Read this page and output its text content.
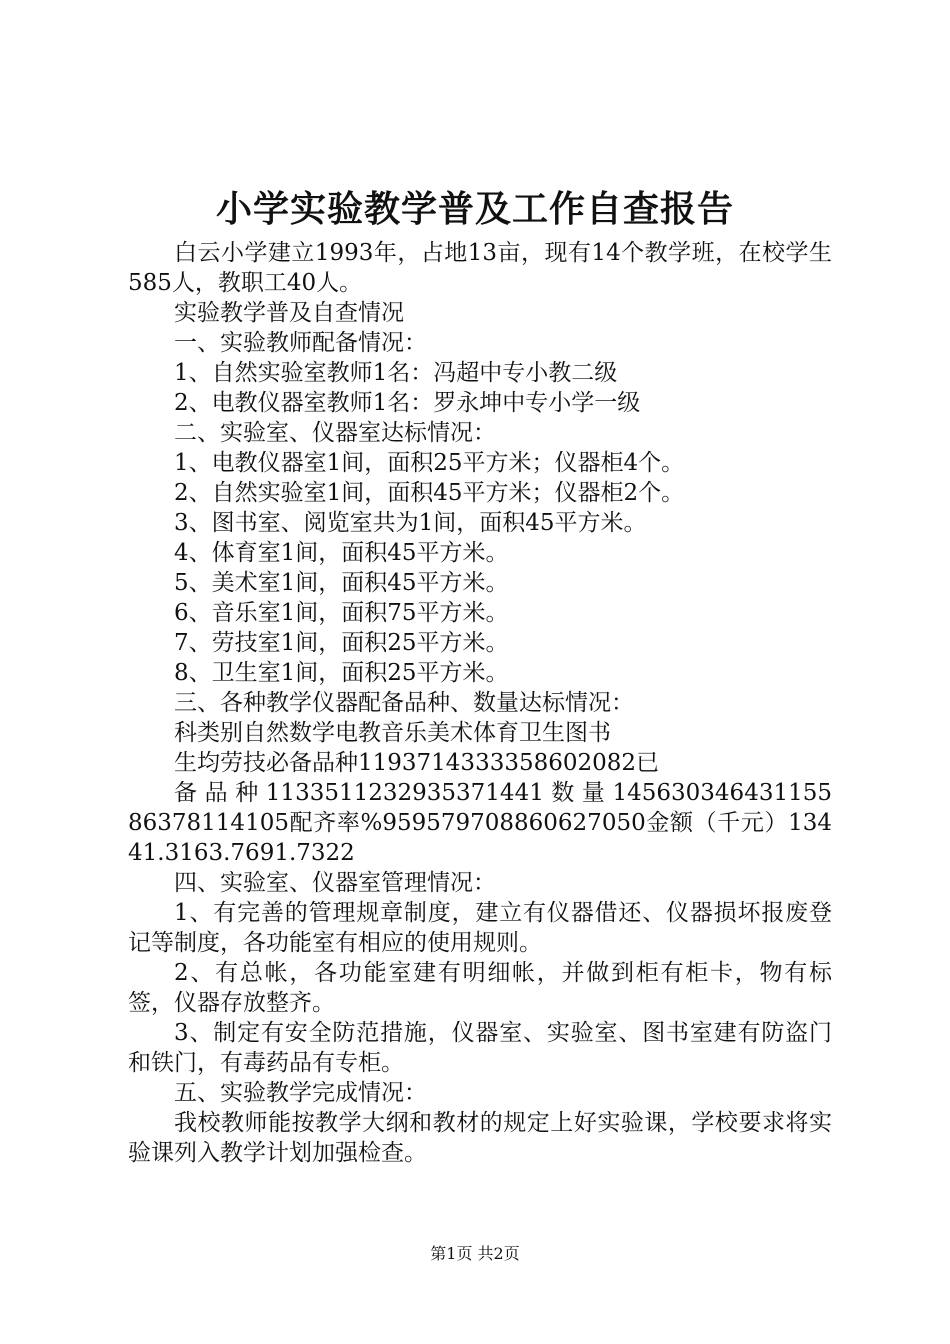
小学实验教学普及工作自查报告

白云小学建立1993年，占地13亩，现有14个教学班，在校学生585人，教职工40人。

实验教学普及自查情况

一、实验教师配备情况：

1、自然实验室教师1名：冯超中专小教二级

2、电教仪器室教师1名：罗永坤中专小学一级

二、实验室、仪器室达标情况：

1、电教仪器室1间，面积25平方米；仪器柜4个。

2、自然实验室1间，面积45平方米；仪器柜2个。

3、图书室、阅览室共为1间，面积45平方米。

4、体育室1间，面积45平方米。

5、美术室1间，面积45平方米。

6、音乐室1间，面积75平方米。

7、劳技室1间，面积25平方米。

8、卫生室1间，面积25平方米。

三、各种教学仪器配备品种、数量达标情况：

科类别自然数学电教音乐美术体育卫生图书

生均劳技必备品种1193714333358602082已

备 品 种 1133511232935371441 数 量 14563034643115586378114105配齐率%959579708860627050金额（千元）13441.3163.7691.7322

四、实验室、仪器室管理情况：

1、有完善的管理规章制度，建立有仪器借还、仪器损坏报废登记等制度，各功能室有相应的使用规则。

2、有总帐，各功能室建有明细帐，并做到柜有柜卡，物有标签，仪器存放整齐。

3、制定有安全防范措施，仪器室、实验室、图书室建有防盗门和铁门，有毒药品有专柜。

五、实验教学完成情况：

我校教师能按教学大纲和教材的规定上好实验课，学校要求将实验课列入教学计划加强检查。

第1页 共2页
